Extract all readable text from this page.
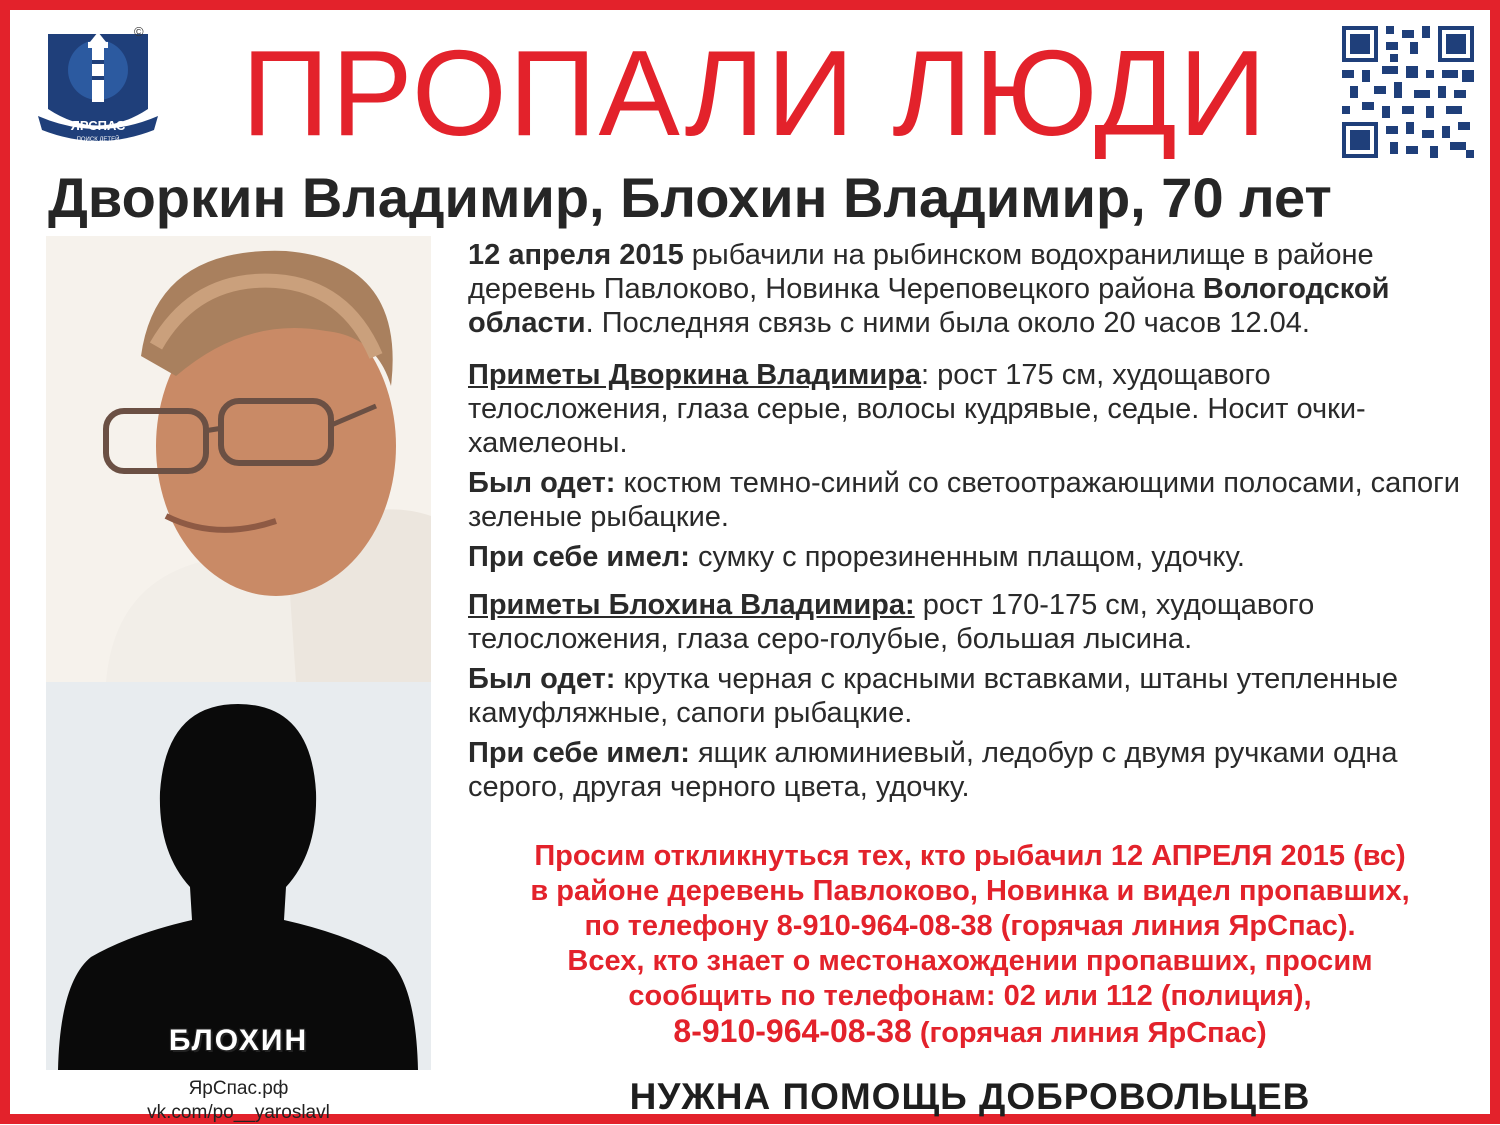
ЯРСПАС
ПОИСК ДЕТЕЙ
© ПРОПАЛИ ЛЮДИ
Дворкин Владимир, Блохин Владимир, 70 лет
БЛОХИН
ЯрСпас.рф
vk.com/po__yaroslavl

12 апреля 2015 рыбачили на рыбинском водохранилище в районе деревень Павлоково, Новинка Череповецкого района Вологодской области. Последняя связь с ними была около 20 часов 12.04.

Приметы Дворкина Владимира: рост 175 см, худощавого телосложения, глаза серые, волосы кудрявые, седые. Носит очки-хамелеоны.

Был одет: костюм темно-синий со светоотражающими полосами, сапоги зеленые рыбацкие.

При себе имел: сумку с прорезиненным плащом, удочку.

Приметы Блохина Владимира: рост 170-175 см, худощавого телосложения, глаза серо-голубые, большая лысина.

Был одет: крутка черная с красными вставками, штаны утепленные камуфляжные, сапоги рыбацкие.

При себе имел: ящик алюминиевый, ледобур с двумя ручками одна серого, другая черного цвета, удочку.

Просим откликнуться тех, кто рыбачил 12 АПРЕЛЯ 2015 (вс)
в районе деревень Павлоково, Новинка и видел пропавших,
по телефону 8-910-964-08-38 (горячая линия ЯрСпас).
Всех, кто знает о местонахождении пропавших, просим
сообщить по телефонам: 02 или 112 (полиция),
8-910-964-08-38 (горячая линия ЯрСпас)
НУЖНА ПОМОЩЬ ДОБРОВОЛЬЦЕВ
